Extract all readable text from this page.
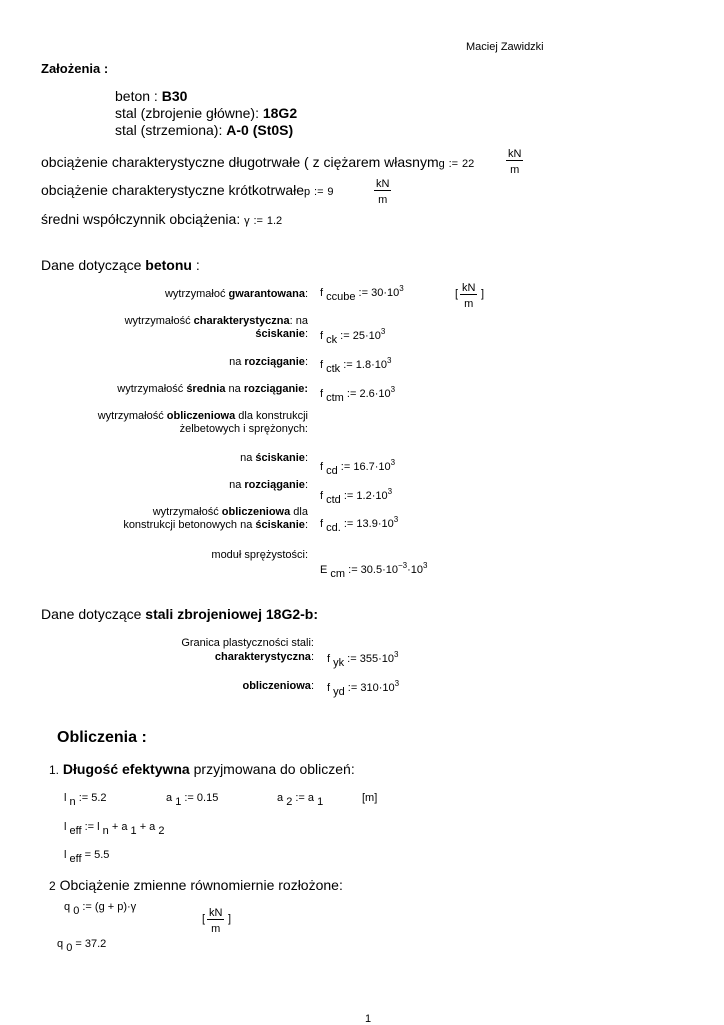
Maciej Zawidzki
Założenia :
beton : B30
stal (zbrojenie główne): 18G2
stal (strzemiona): A-0 (St0S)
obciążenie charakterystyczne długotrwałe ( z ciężarem własnymg := 22	$\frac{kN}{m}$
obciążenie charakterystyczne krótkotrwałep := 9	$\frac{kN}{m}$
średni współczynnik obciążenia: γ := 1.2
Dane dotyczące betonu :
wytrzymałoć gwarantowana: f ccube := $30\cdot 10^3$	[ $\frac{kN}{m}$ ]
wytrzymałość charakterystyczna: na
ściskanie: f ck := $25\cdot 10^3$
na rozciąganie: f ctk := $1.8\cdot 10^3$
wytrzymałość średnia na rozciąganie: f ctm := $2.6\cdot 10^3$
wytrzymałość obliczeniowa dla konstrukcji
żelbetowych i sprężonych:
na ściskanie:
f cd := $16.7\cdot 10^3$
na rozciąganie:
f ctd := $1.2\cdot 10^3$
wytrzymałość obliczeniowa dla
konstrukcji betonowych na ściskanie: f cd. := $13.9\cdot 10^3$
moduł sprężystości:
E cm := $30.5\cdot 10^{-3}\cdot 10^3$
Dane dotyczące stali zbrojeniowej 18G2-b:
Granica plastyczności stali:
charakterystyczna: f yk := $355\cdot 10^3$
obliczeniowa: f yd := $310\cdot 10^3$
Obliczenia :
1. Długość efektywna przyjmowana do obliczeń:
l n := 5.2	a 1 := 0.15	a 2 := a 1	[m]
l eff := l n + a 1 + a 2
l eff = 5.5
2 Obciążenie zmienne równomiernie rozłożone:
q 0 := (g + p)·γ
[ $\frac{kN}{m}$ ]
q 0 = 37.2
1
